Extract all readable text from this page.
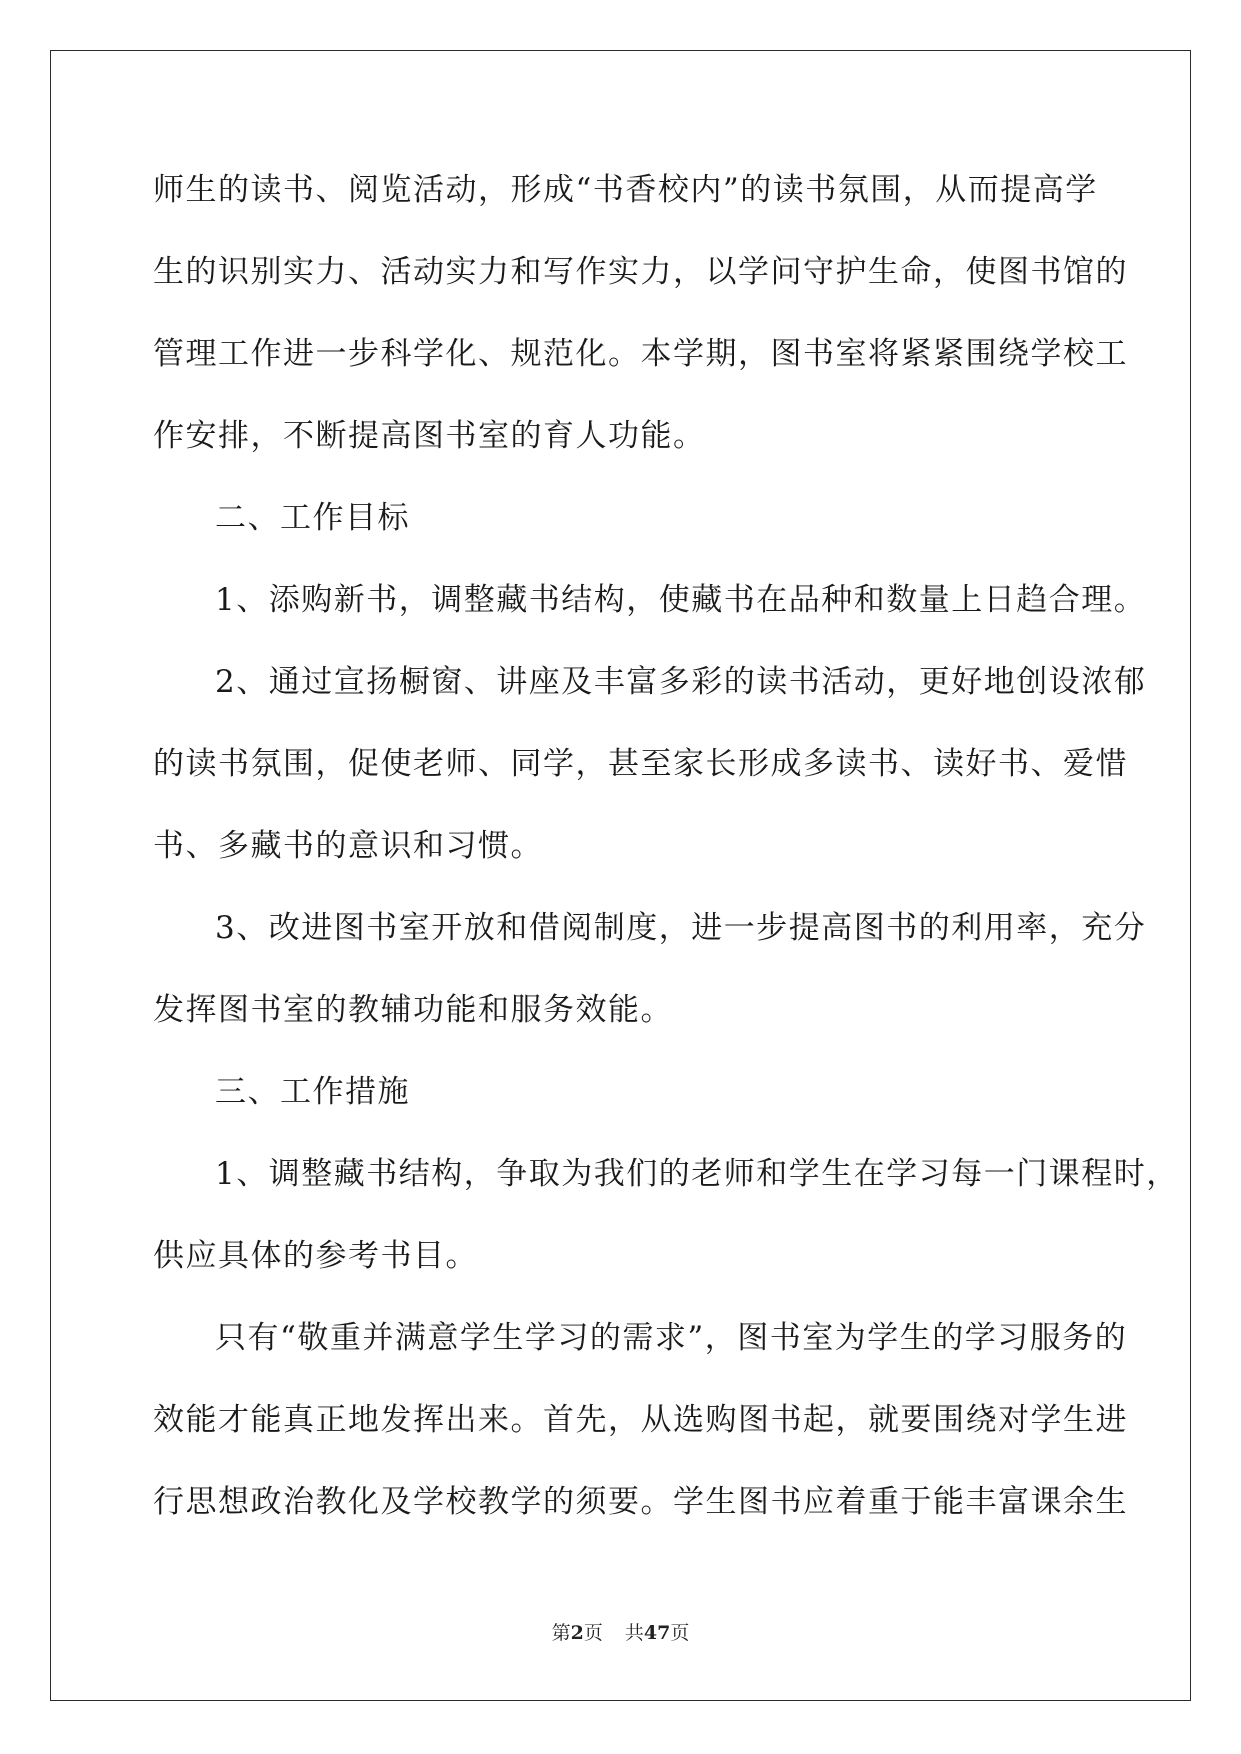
师生的读书、阅览活动，形成“书香校内”的读书氛围，从而提高学
生的识别实力、活动实力和写作实力，以学问守护生命，使图书馆的
管理工作进一步科学化、规范化。本学期，图书室将紧紧围绕学校工
作安排，不断提高图书室的育人功能。
二、工作目标
1、添购新书，调整藏书结构，使藏书在品种和数量上日趋合理。
2、通过宣扬橱窗、讲座及丰富多彩的读书活动，更好地创设浓郁
的读书氛围，促使老师、同学，甚至家长形成多读书、读好书、爱惜
书、多藏书的意识和习惯。
3、改进图书室开放和借阅制度，进一步提高图书的利用率，充分
发挥图书室的教辅功能和服务效能。
三、工作措施
1、调整藏书结构，争取为我们的老师和学生在学习每一门课程时，
供应具体的参考书目。
只有“敬重并满意学生学习的需求”，图书室为学生的学习服务的
效能才能真正地发挥出来。首先，从选购图书起，就要围绕对学生进
行思想政治教化及学校教学的须要。学生图书应着重于能丰富课余生
第2页 共47页
